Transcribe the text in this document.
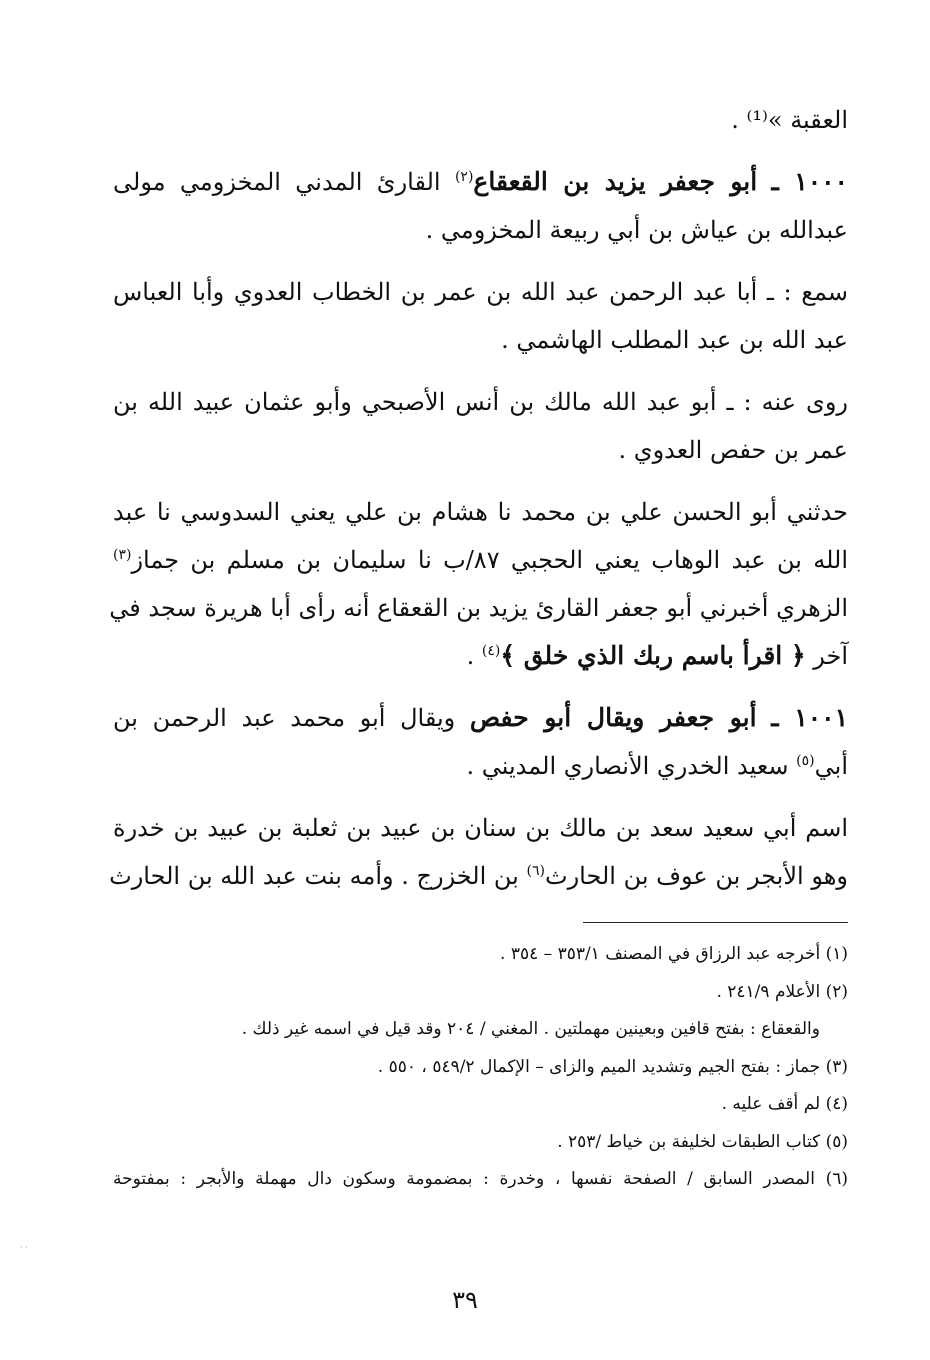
العقبة »⁽¹⁾ .
١٠٠٠ ـ أبو جعفر يزيد بن القعقاع$^{(٢)}$ القارئ المدني المخزومي مولى
عبدالله بن عياش بن أبي ربيعة المخزومي .
سمع : ـ أبا عبد الرحمن عبد الله بن عمر بن الخطاب العدوي وأبا العباس
عبد الله بن عبد المطلب الهاشمي .
روى عنه : ـ أبو عبد الله مالك بن أنس الأصبحي وأبو عثمان عبيد الله بن
عمر بن حفص العدوي .
حدثني أبو الحسن علي بن محمد نا هشام بن علي يعني السدوسي نا عبد
الله بن عبد الوهاب يعني الحجبي ٨٧/ب نا سليمان بن مسلم بن جماز$^{(٣)}$
الزهري أخبرني أبو جعفر القارئ يزيد بن القعقاع أنه رأى أبا هريرة سجد في
آخر ﴿ اقرأ باسم ربك الذي خلق ﴾$^{(٤)}$ .
١٠٠١ ـ أبو جعفر ويقال أبو حفص ويقال أبو محمد عبد الرحمن بن
أبي$^{(٥)}$ سعيد الخدري الأنصاري المديني .
اسم أبي سعيد سعد بن مالك بن سنان بن عبيد بن ثعلبة بن عبيد بن خدرة
وهو الأبجر بن عوف بن الحارث$^{(٦)}$ بن الخزرج . وأمه بنت عبد الله بن الحارث
(١) أخرجه عبد الرزاق في المصنف ٣٥٣/١ – ٣٥٤ .
(٢) الأعلام ٢٤١/٩ .
والقعقاع : بفتح قافين وبعينين مهملتين . المغني / ٢٠٤ وقد قيل في اسمه غير ذلك .
(٣) جماز : بفتح الجيم وتشديد الميم والزاى – الإكمال ٥٤٩/٢ ، ٥٥٠ .
(٤) لم أقف عليه .
(٥) كتاب الطبقات لخليفة بن خياط /٢٥٣ .
(٦) المصدر السابق / الصفحة نفسها ، وخدرة : بمضمومة وسكون دال مهملة والأبجر : بمفتوحة
٣٩
· ·
